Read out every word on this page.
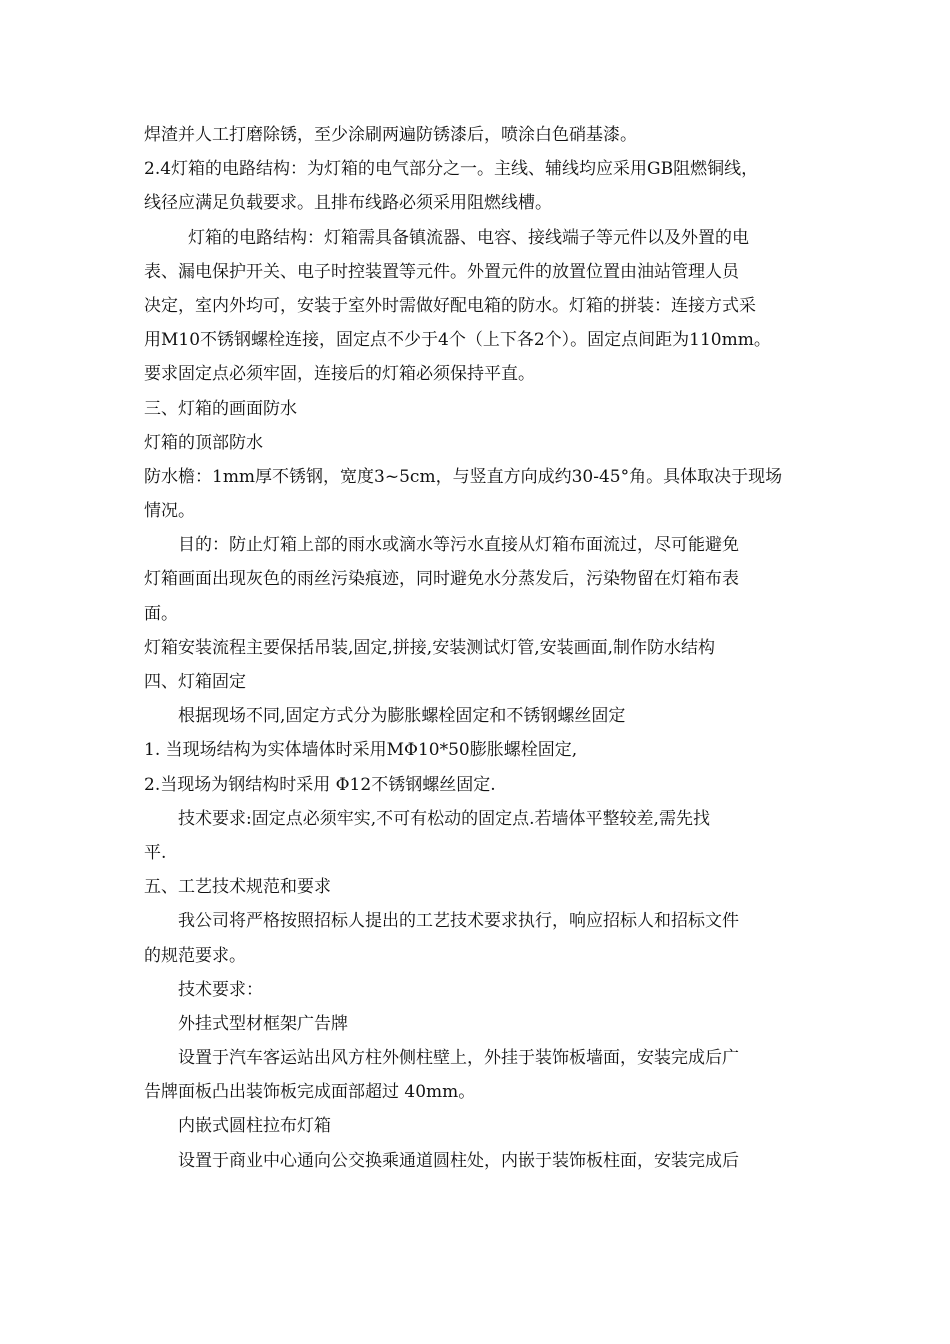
焊渣并人工打磨除锈，至少涂刷两遍防锈漆后，喷涂白色硝基漆。

2.4灯箱的电路结构：为灯箱的电气部分之一。主线、辅线均应采用GB阻燃铜线，

线径应满足负载要求。且排布线路必须采用阻燃线槽。

灯箱的电路结构：灯箱需具备镇流器、电容、接线端子等元件以及外置的电

表、漏电保护开关、电子时控装置等元件。外置元件的放置位置由油站管理人员

决定，室内外均可，安装于室外时需做好配电箱的防水。灯箱的拼装：连接方式采

用M10不锈钢螺栓连接，固定点不少于4个（上下各2个）。固定点间距为110mm。

要求固定点必须牢固，连接后的灯箱必须保持平直。

三、灯箱的画面防水

灯箱的顶部防水

防水檐：1mm厚不锈钢，宽度3~5cm，与竖直方向成约30-45°角。具体取决于现场

情况。

目的：防止灯箱上部的雨水或滴水等污水直接从灯箱布面流过，尽可能避免

灯箱画面出现灰色的雨丝污染痕迹，同时避免水分蒸发后，污染物留在灯箱布表

面。

灯箱安装流程主要保括吊装,固定,拼接,安装测试灯管,安装画面,制作防水结构

四、灯箱固定

根据现场不同,固定方式分为膨胀螺栓固定和不锈钢螺丝固定

1. 当现场结构为实体墙体时采用MΦ10*50膨胀螺栓固定,

2.当现场为钢结构时采用 Φ12不锈钢螺丝固定.

技术要求:固定点必须牢实,不可有松动的固定点.若墙体平整较差,需先找

平.

五、工艺技术规范和要求

我公司将严格按照招标人提出的工艺技术要求执行，响应招标人和招标文件

的规范要求。

技术要求：

外挂式型材框架广告牌

设置于汽车客运站出风方柱外侧柱壁上，外挂于装饰板墙面，安装完成后广

告牌面板凸出装饰板完成面部超过 40mm。

内嵌式圆柱拉布灯箱

设置于商业中心通向公交换乘通道圆柱处，内嵌于装饰板柱面，安装完成后
